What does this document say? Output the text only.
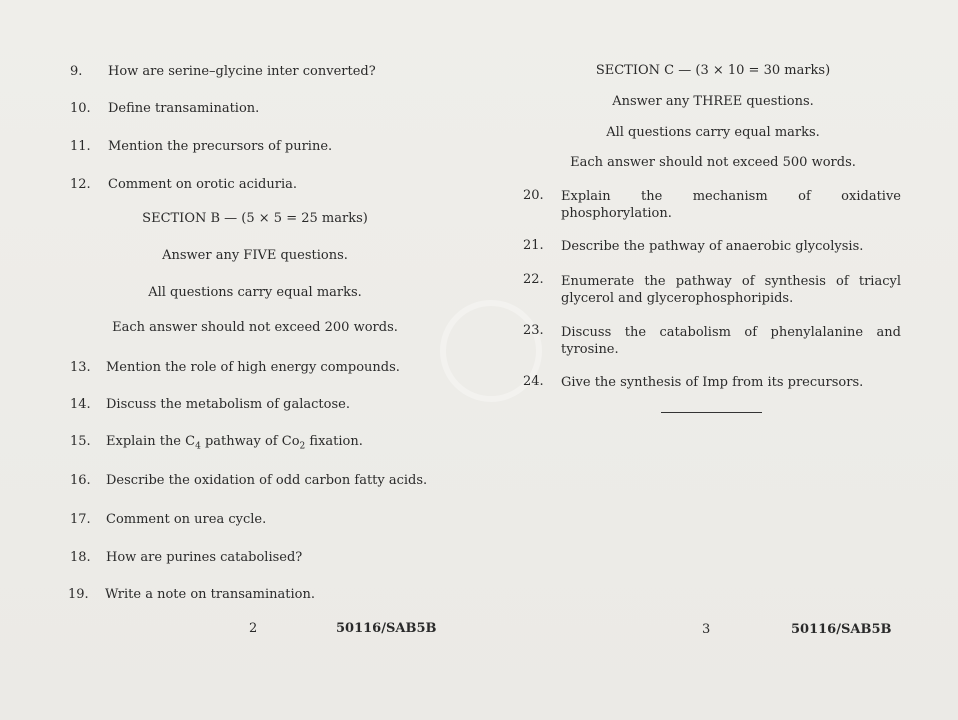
9. How are serine–glycine inter converted?
10. Define transamination.
11. Mention the precursors of purine.
12. Comment on orotic aciduria.
SECTION B — (5 × 5 = 25 marks)
Answer any FIVE questions.
All questions carry equal marks.
Each answer should not exceed 200 words.
13. Mention the role of high energy compounds.
14. Discuss the metabolism of galactose.
15. Explain the $C_4$ pathway of $Co_2$ fixation.
16. Describe the oxidation of odd carbon fatty acids.
17. Comment on urea cycle.
18. How are purines catabolised?
19. Write a note on transamination.
2	50116/SAB5B
SECTION C — (3 × 10 = 30 marks)
Answer any THREE questions.
All questions carry equal marks.
Each answer should not exceed 500 words.
20. Explain the mechanism of oxidative
phosphorylation.
21. Describe the pathway of anaerobic glycolysis.
22. Enumerate the pathway of synthesis of triacyl
glycerol and glycerophosphoripids.
23. Discuss the catabolism of phenylalanine and
tyrosine.
24. Give the synthesis of Imp from its precursors.
3	50116/SAB5B
